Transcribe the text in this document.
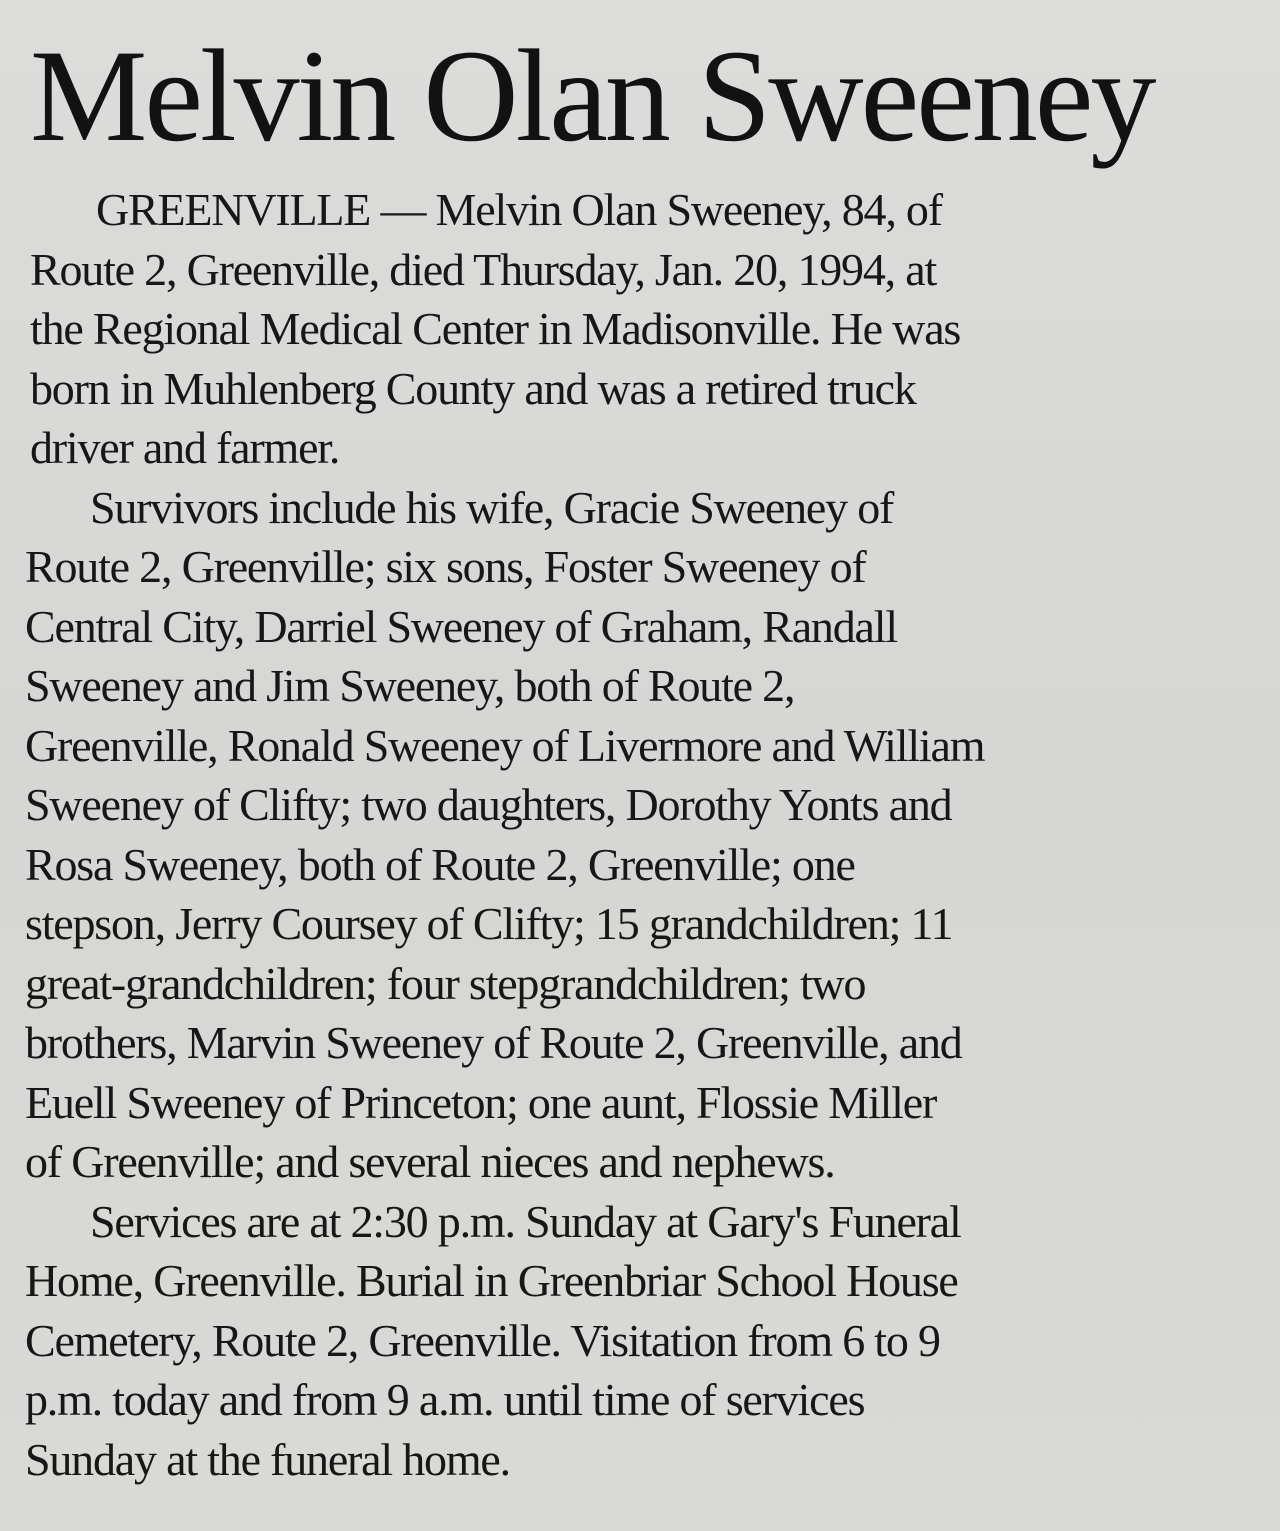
Melvin Olan Sweeney

GREENVILLE — Melvin Olan Sweeney, 84, of
Route 2, Greenville, died Thursday, Jan. 20, 1994, at
the Regional Medical Center in Madisonville. He was
born in Muhlenberg County and was a retired truck
driver and farmer.

Survivors include his wife, Gracie Sweeney of
Route 2, Greenville; six sons, Foster Sweeney of
Central City, Darriel Sweeney of Graham, Randall
Sweeney and Jim Sweeney, both of Route 2,
Greenville, Ronald Sweeney of Livermore and William
Sweeney of Clifty; two daughters, Dorothy Yonts and
Rosa Sweeney, both of Route 2, Greenville; one
stepson, Jerry Coursey of Clifty; 15 grandchildren; 11
great-grandchildren; four stepgrandchildren; two
brothers, Marvin Sweeney of Route 2, Greenville, and
Euell Sweeney of Princeton; one aunt, Flossie Miller
of Greenville; and several nieces and nephews.

Services are at 2:30 p.m. Sunday at Gary's Funeral
Home, Greenville. Burial in Greenbriar School House
Cemetery, Route 2, Greenville. Visitation from 6 to 9
p.m. today and from 9 a.m. until time of services
Sunday at the funeral home.
